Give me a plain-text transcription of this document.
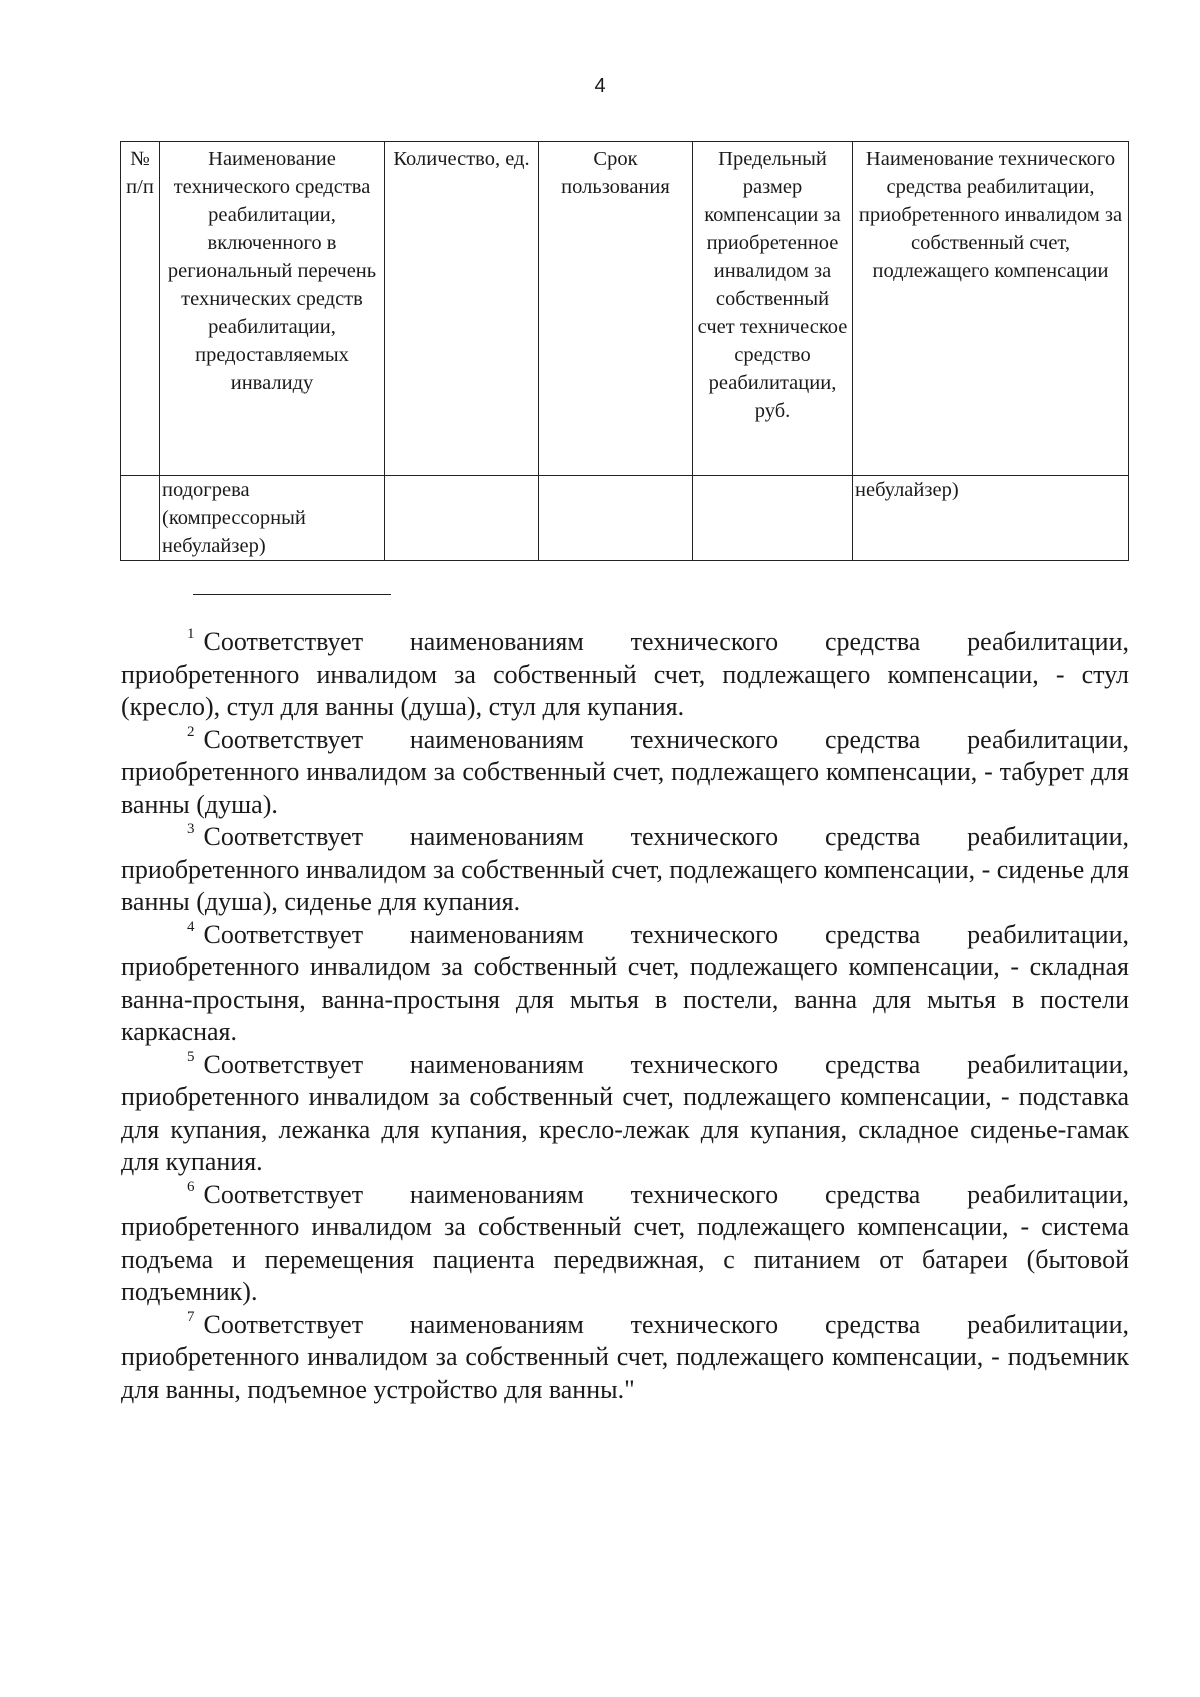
4
№ п/п	Наименование технического средства реабилитации, включенного в региональный перечень технических средств реабилитации, предоставляемых инвалиду	Количество, ед.	Срок пользования	Предельный размер компенсации за приобретенное инвалидом за собственный счет техническое средство реабилитации, руб.	Наименование технического средства реабилитации, приобретенного инвалидом за собственный счет, подлежащего компенсации
	подогрева (компрессорный небулайзер)				небулайзер)

$^1$ Соответствует наименованиям технического средства реабилитации, приобретенного инвалидом за собственный счет, подлежащего компенсации, - стул (кресло), стул для ванны (душа), стул для купания.

$^2$ Соответствует наименованиям технического средства реабилитации, приобретенного инвалидом за собственный счет, подлежащего компенсации, - табурет для ванны (душа).

$^3$ Соответствует наименованиям технического средства реабилитации, приобретенного инвалидом за собственный счет, подлежащего компенсации, - сиденье для ванны (душа), сиденье для купания.

$^4$ Соответствует наименованиям технического средства реабилитации, приобретенного инвалидом за собственный счет, подлежащего компенсации, - складная ванна-простыня, ванна-простыня для мытья в постели, ванна для мытья в постели каркасная.

$^5$ Соответствует наименованиям технического средства реабилитации, приобретенного инвалидом за собственный счет, подлежащего компенсации, - подставка для купания, лежанка для купания, кресло-лежак для купания, складное сиденье-гамак для купания.

$^6$ Соответствует наименованиям технического средства реабилитации, приобретенного инвалидом за собственный счет, подлежащего компенсации, - система подъема и перемещения пациента передвижная, с питанием от батареи (бытовой подъемник).

$^7$ Соответствует наименованиям технического средства реабилитации, приобретенного инвалидом за собственный счет, подлежащего компенсации, - подъемник для ванны, подъемное устройство для ванны."
